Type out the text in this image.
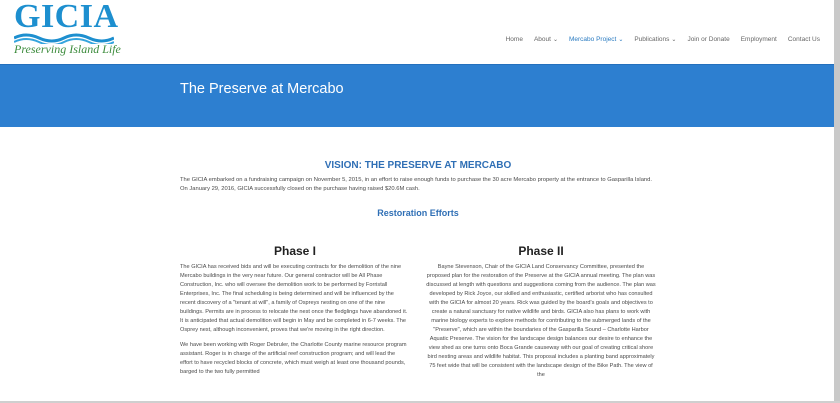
GICIA
Preserving Island Life
Home About ⌄ Mercabo Project ⌄ Publications ⌄ Join or Donate Employment Contact Us
The Preserve at Mercabo
VISION: THE PRESERVE AT MERCABO
The GICIA embarked on a fundraising campaign on November 5, 2015, in an effort to raise enough funds to purchase the 30 acre Mercabo property at the entrance to Gasparilla Island. On January 29, 2016, GICIA successfully closed on the purchase having raised $20.6M cash.
Restoration Efforts
Phase I	Phase II

The GICIA has received bids and will be executing contracts for the demolition of the nine Mercabo buildings in the very near future. Our general contractor will be All Phase Construction, Inc. who will oversee the demolition work to be performed by Forristall Enterprises, Inc. The final scheduling is being determined and will be influenced by the recent discovery of a "tenant at will", a family of Ospreys nesting on one of the nine buildings. Permits are in process to relocate the nest once the fledglings have abandoned it. It is anticipated that actual demolition will begin in May and be completed in 6-7 weeks. The Osprey nest, although inconvenient, proves that we're moving in the right direction.

We have been working with Roger Debruler, the Charlotte County marine resource program assistant. Roger is in charge of the artificial reef construction program; and will lead the effort to have recycled blocks of concrete, which must weigh at least one thousand pounds, barged to the two fully permitted

Bayne Stevenson, Chair of the GICIA Land Conservancy Committee, presented the proposed plan for the restoration of the Preserve at the GICIA annual meeting. The plan was discussed at length with questions and suggestions coming from the audience. The plan was developed by Rick Joyce, our skilled and enthusiastic, certified arborist who has consulted with the GICIA for almost 20 years. Rick was guided by the board's goals and objectives to create a natural sanctuary for native wildlife and birds. GICIA also has plans to work with marine biology experts to explore methods for contributing to the submerged lands of the "Preserve", which are within the boundaries of the Gasparilla Sound – Charlotte Harbor Aquatic Preserve. The vision for the landscape design balances our desire to enhance the view shed as one turns onto Boca Grande causeway with our goal of creating critical shore bird nesting areas and wildlife habitat. This proposal includes a planting band approximately 75 feet wide that will be consistent with the landscape design of the Bike Path. The view of the
